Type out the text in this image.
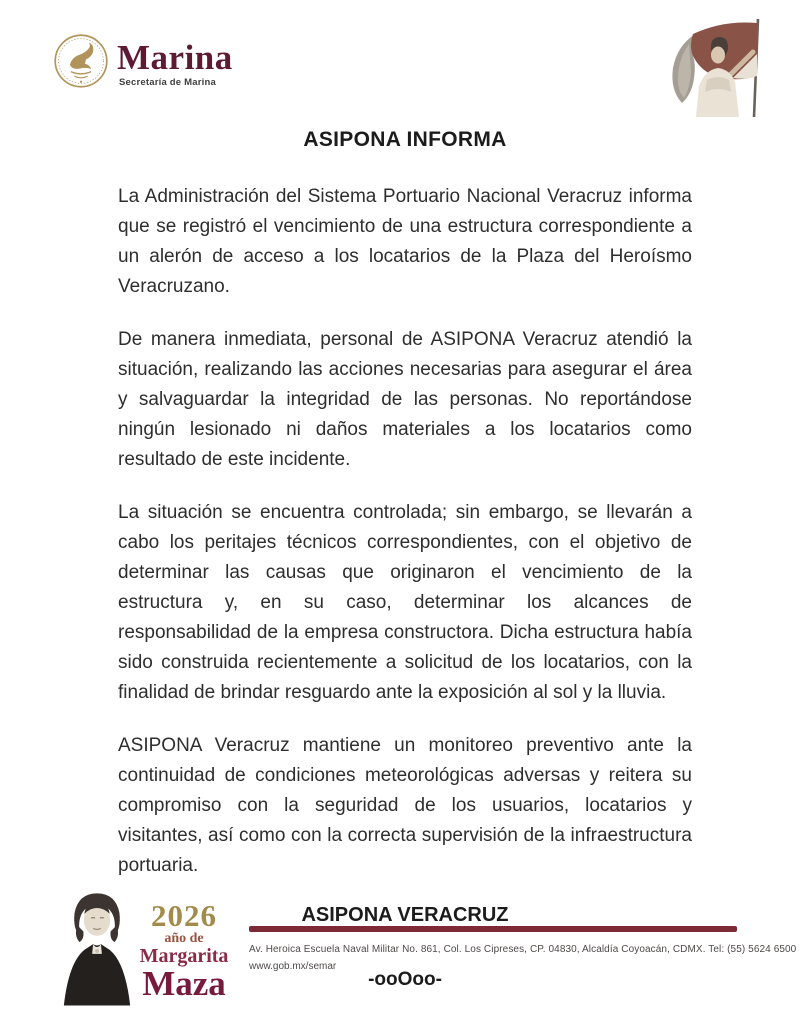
Marina
Secretaría de Marina
ASIPONA INFORMA

La Administración del Sistema Portuario Nacional Veracruz informa que se registró el vencimiento de una estructura correspondiente a un alerón de acceso a los locatarios de la Plaza del Heroísmo Veracruzano.

De manera inmediata, personal de ASIPONA Veracruz atendió la situación, realizando las acciones necesarias para asegurar el área y salvaguardar la integridad de las personas. No reportándose ningún lesionado ni daños materiales a los locatarios como resultado de este incidente.

La situación se encuentra controlada; sin embargo, se llevarán a cabo los peritajes técnicos correspondientes, con el objetivo de determinar las causas que originaron el vencimiento de la estructura y, en su caso, determinar los alcances de responsabilidad de la empresa constructora. Dicha estructura había sido construida recientemente a solicitud de los locatarios, con la finalidad de brindar resguardo ante la exposición al sol y la lluvia.

ASIPONA Veracruz mantiene un monitoreo preventivo ante la continuidad de condiciones meteorológicas adversas y reitera su compromiso con la seguridad de los usuarios, locatarios y visitantes, así como con la correcta supervisión de la infraestructura portuaria.

ASIPONA VERACRUZ
-ooOoo-
2026
año de
Margarita
Maza
Av. Heroica Escuela Naval Militar No. 861, Col. Los Cipreses, CP. 04830, Alcaldía Coyoacán, CDMX. Tel: (55) 5624 6500
www.gob.mx/semar
